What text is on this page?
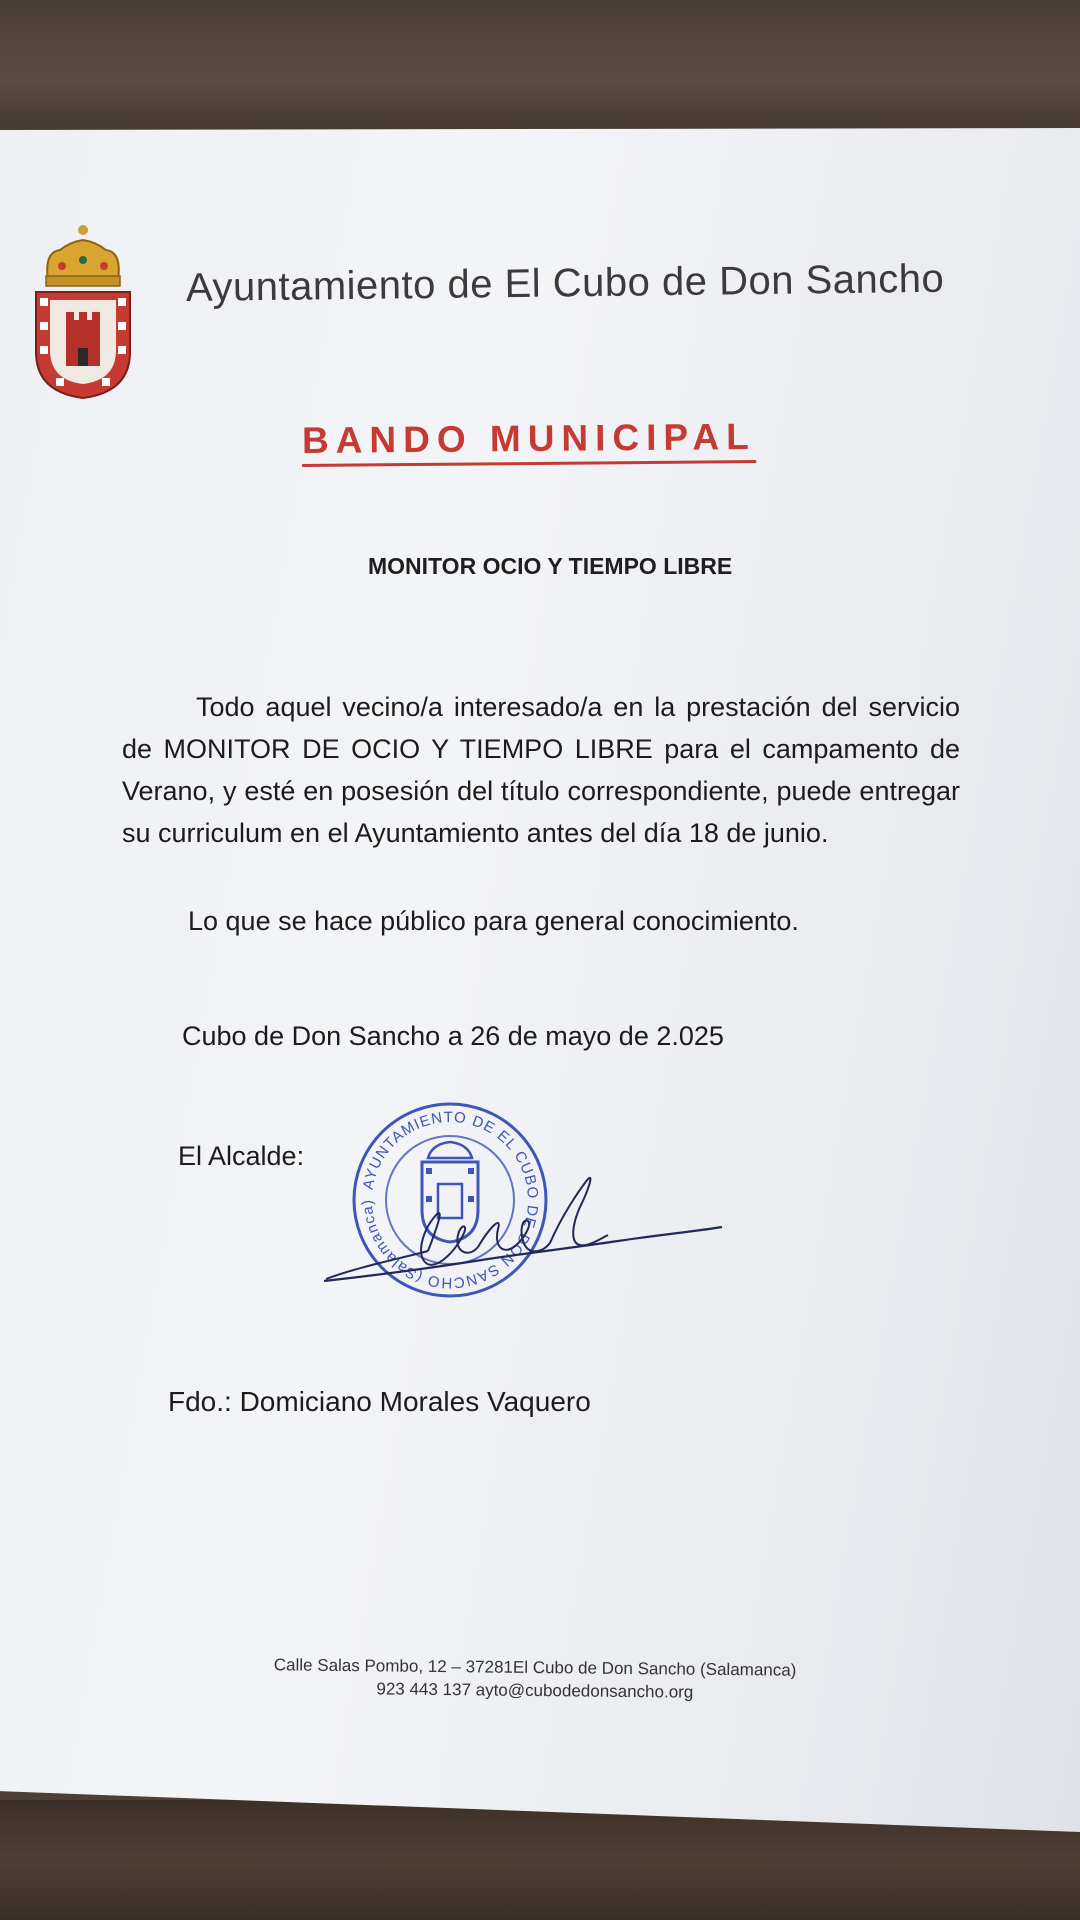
Ayuntamiento de El Cubo de Don Sancho
BANDO MUNICIPAL
MONITOR OCIO Y TIEMPO LIBRE
Todo aquel vecino/a interesado/a en la prestación del servicio de MONITOR DE OCIO Y TIEMPO LIBRE para el campamento de Verano, y esté en posesión del título correspondiente, puede entregar su curriculum en el Ayuntamiento antes del día 18 de junio.
Lo que se hace público para general conocimiento.
Cubo de Don Sancho a 26 de mayo de 2.025
El Alcalde:
AYUNTAMIENTO DE EL CUBO DE DON SANCHO (Salamanca)
Fdo.: Domiciano Morales Vaquero
Calle Salas Pombo, 12 – 37281El Cubo de Don Sancho (Salamanca)
923 443 137 ayto@cubodedonsancho.org
